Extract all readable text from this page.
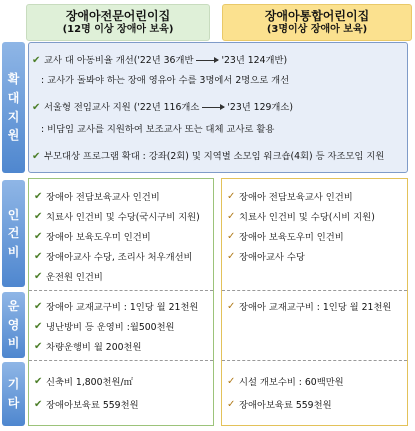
장애아전문어린이집
(12명 이상 장애아 보육)
장애아통합어린이집
(3명이상 장애아 보육)
확
대
지
원
인
건
비
운
영
비
기
타
✔ 교사 대 아동비율 개선('22년 36개반	'23년 124개반)
: 교사가 돌봐야 하는 장애 영유아 수를 3명에서 2명으로 개선
✔ 서울형 전임교사 지원 ('22년 116개소	'23년 129개소)
: 비담임 교사를 지원하여 보조교사 또는 대체 교사로 활용
✔ 부모대상 프로그램 확대 : 강좌(2회) 및 지역별 소모임 워크숍(4회) 등 자조모임 지원
✔ 장애아 전담보육교사 인건비
✔ 치료사 인건비 및 수당(국시구비 지원)
✔ 장애아 보육도우미 인건비
✔ 장애아교사 수당, 조리사 처우개선비
✔ 운전원 인건비
✔ 장애아 교재교구비 : 1인당 월 21천원
✔ 냉난방비 등 운영비 :월500천원
✔ 차량운행비 월 200천원
✔ 신축비 1,800천원/㎡
✔ 장애아보육료 559천원
✓ 장애아 전담보육교사 인건비
✓ 치료사 인건비 및 수당(시비 지원)
✓ 장애아 보육도우미 인건비
✓ 장애아교사 수당
✓ 장애아 교재교구비 : 1인당 월 21천원
✓ 시설 개보수비 : 60백만원
✓ 장애아보육료 559천원
